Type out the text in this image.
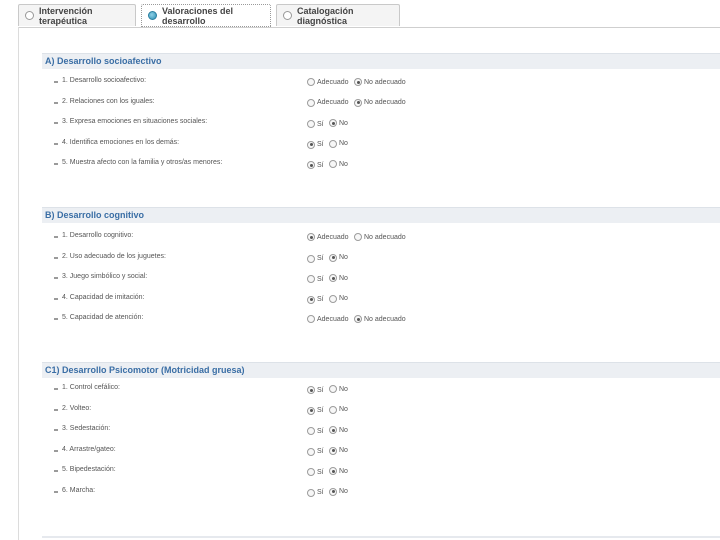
Intervención terapéutica
Valoraciones del desarrollo
Catalogación diagnóstica
A) Desarrollo socioafectivo
B) Desarrollo cognitivo
C1) Desarrollo Psicomotor (Motricidad gruesa)
1. Desarrollo socioafectivo:	Adecuado No adecuado
2. Relaciones con los iguales:	Adecuado No adecuado
3. Expresa emociones en situaciones sociales:	Sí No
4. Identifica emociones en los demás:	Sí No
5. Muestra afecto con la familia y otros/as menores:	Sí No
1. Desarrollo cognitivo:	Adecuado No adecuado
2. Uso adecuado de los juguetes:	Sí No
3. Juego simbólico y social:	Sí No
4. Capacidad de imitación:	Sí No
5. Capacidad de atención:	Adecuado No adecuado
1. Control cefálico:	Sí No
2. Volteo:	Sí No
3. Sedestación:	Sí No
4. Arrastre/gateo:	Sí No
5. Bipedestación:	Sí No
6. Marcha:	Sí No
